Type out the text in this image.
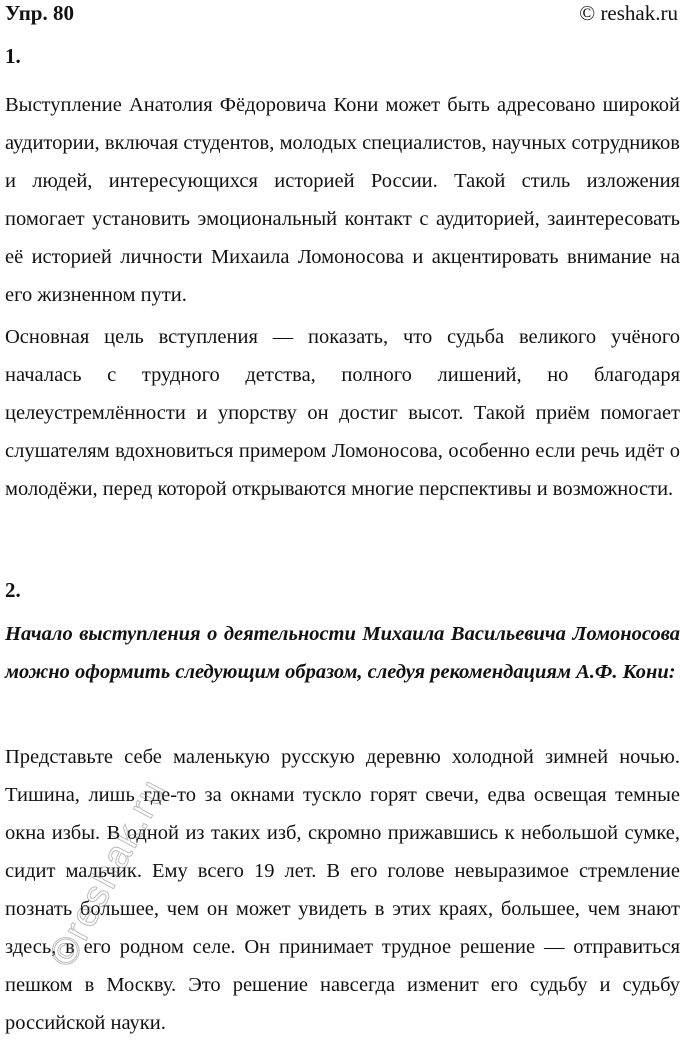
Упр. 80	© reshak.ru
1.

Выступление Анатолия Фёдоровича Кони может быть адресовано широкой аудитории, включая студентов, молодых специалистов, научных сотрудников и людей, интересующихся историей России. Такой стиль изложения помогает установить эмоциональный контакт с аудиторией, заинтересовать её историей личности Михаила Ломоносова и акцентировать внимание на его жизненном пути.

Основная цель вступления — показать, что судьба великого учёного началась с трудного детства, полного лишений, но благодаря целеустремлённости и упорству он достиг высот. Такой приём помогает слушателям вдохновиться примером Ломоносова, особенно если речь идёт о молодёжи, перед которой открываются многие перспективы и возможности.

2.

Начало выступления о деятельности Михаила Васильевича Ломоносова можно оформить следующим образом, следуя рекомендациям А.Ф. Кони:

Представьте себе маленькую русскую деревню холодной зимней ночью. Тишина, лишь где-то за окнами тускло горят свечи, едва освещая темные окна избы. В одной из таких изб, скромно прижавшись к небольшой сумке, сидит мальчик. Ему всего 19 лет. В его голове невыразимое стремление познать большее, чем он может увидеть в этих краях, большее, чем знают здесь, в его родном селе. Он принимает трудное решение — отправиться пешком в Москву. Это решение навсегда изменит его судьбу и судьбу российской науки.

©reshak.ru
